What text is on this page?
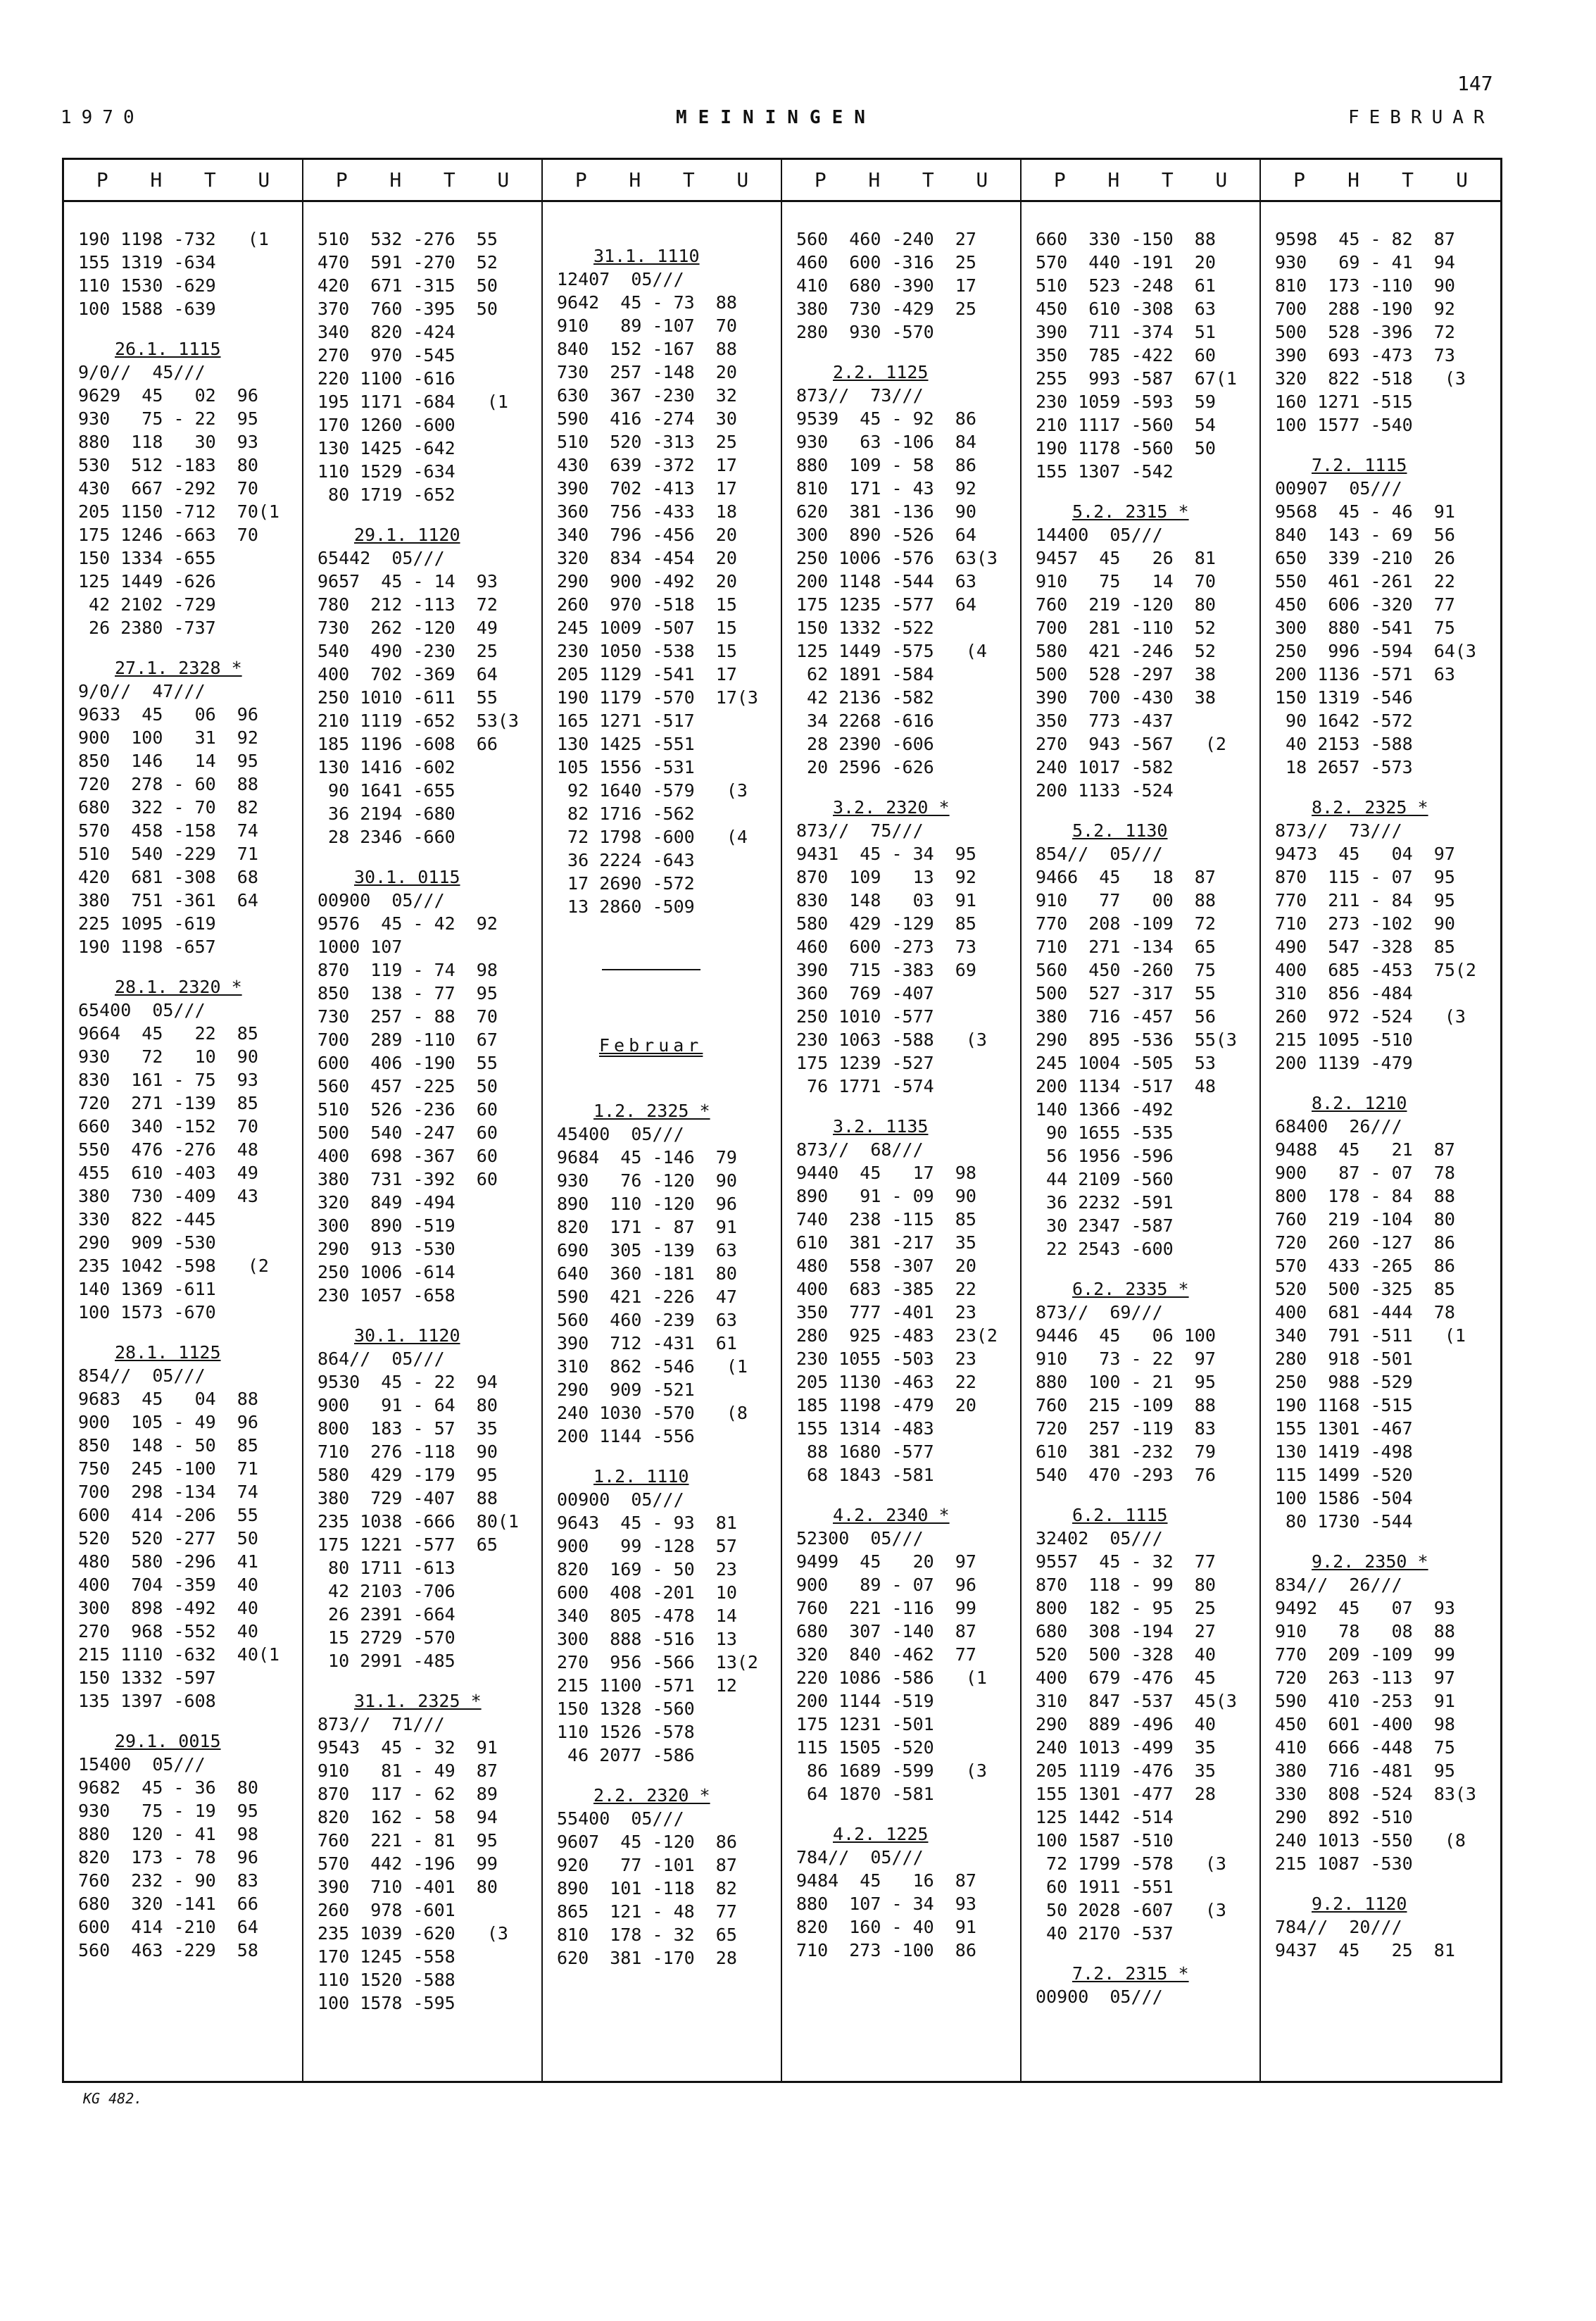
147
1970	MEININGEN	FEBRUAR
P H T U
190 1198 -732   (1
155 1319 -634
110 1530 -629
100 1588 -639
26.1. 1115
9/0//  45///
9629  45   02  96
930   75 - 22  95
880  118   30  93
530  512 -183  80
430  667 -292  70
205 1150 -712  70(1
175 1246 -663  70
150 1334 -655
125 1449 -626
42 2102 -729
26 2380 -737
27.1. 2328 *
9/0//  47///
9633  45   06  96
900  100   31  92
850  146   14  95
720  278 - 60  88
680  322 - 70  82
570  458 -158  74
510  540 -229  71
420  681 -308  68
380  751 -361  64
225 1095 -619
190 1198 -657
28.1. 2320 *
65400  05///
9664  45   22  85
930   72   10  90
830  161 - 75  93
720  271 -139  85
660  340 -152  70
550  476 -276  48
455  610 -403  49
380  730 -409  43
330  822 -445
290  909 -530
235 1042 -598   (2
140 1369 -611
100 1573 -670
28.1. 1125
854//  05///
9683  45   04  88
900  105 - 49  96
850  148 - 50  85
750  245 -100  71
700  298 -134  74
600  414 -206  55
520  520 -277  50
480  580 -296  41
400  704 -359  40
300  898 -492  40
270  968 -552  40
215 1110 -632  40(1
150 1332 -597
135 1397 -608
29.1. 0015
15400  05///
9682  45 - 36  80
930   75 - 19  95
880  120 - 41  98
820  173 - 78  96
760  232 - 90  83
680  320 -141  66
600  414 -210  64
560  463 -229  58
P H T U
510  532 -276  55
470  591 -270  52
420  671 -315  50
370  760 -395  50
340  820 -424
270  970 -545
220 1100 -616
195 1171 -684   (1
170 1260 -600
130 1425 -642
110 1529 -634
80 1719 -652
29.1. 1120
65442  05///
9657  45 - 14  93
780  212 -113  72
730  262 -120  49
540  490 -230  25
400  702 -369  64
250 1010 -611  55
210 1119 -652  53(3
185 1196 -608  66
130 1416 -602
90 1641 -655
36 2194 -680
28 2346 -660
30.1. 0115
00900  05///
9576  45 - 42  92
1000 107
870  119 - 74  98
850  138 - 77  95
730  257 - 88  70
700  289 -110  67
600  406 -190  55
560  457 -225  50
510  526 -236  60
500  540 -247  60
400  698 -367  60
380  731 -392  60
320  849 -494
300  890 -519
290  913 -530
250 1006 -614
230 1057 -658
30.1. 1120
864//  05///
9530  45 - 22  94
900   91 - 64  80
800  183 - 57  35
710  276 -118  90
580  429 -179  95
380  729 -407  88
235 1038 -666  80(1
175 1221 -577  65
80 1711 -613
42 2103 -706
26 2391 -664
15 2729 -570
10 2991 -485
31.1. 2325 *
873//  71///
9543  45 - 32  91
910   81 - 49  87
870  117 - 62  89
820  162 - 58  94
760  221 - 81  95
570  442 -196  99
390  710 -401  80
260  978 -601
235 1039 -620   (3
170 1245 -558
110 1520 -588
100 1578 -595
P H T U
31.1. 1110
12407  05///
9642  45 - 73  88
910   89 -107  70
840  152 -167  88
730  257 -148  20
630  367 -230  32
590  416 -274  30
510  520 -313  25
430  639 -372  17
390  702 -413  17
360  756 -433  18
340  796 -456  20
320  834 -454  20
290  900 -492  20
260  970 -518  15
245 1009 -507  15
230 1050 -538  15
205 1129 -541  17
190 1179 -570  17(3
165 1271 -517
130 1425 -551
105 1556 -531
92 1640 -579   (3
82 1716 -562
72 1798 -600   (4
36 2224 -643
17 2690 -572
13 2860 -509
Februar
1.2. 2325 *
45400  05///
9684  45 -146  79
930   76 -120  90
890  110 -120  96
820  171 - 87  91
690  305 -139  63
640  360 -181  80
590  421 -226  47
560  460 -239  63
390  712 -431  61
310  862 -546   (1
290  909 -521
240 1030 -570   (8
200 1144 -556
1.2. 1110
00900  05///
9643  45 - 93  81
900   99 -128  57
820  169 - 50  23
600  408 -201  10
340  805 -478  14
300  888 -516  13
270  956 -566  13(2
215 1100 -571  12
150 1328 -560
110 1526 -578
46 2077 -586
2.2. 2320 *
55400  05///
9607  45 -120  86
920   77 -101  87
890  101 -118  82
865  121 - 48  77
810  178 - 32  65
620  381 -170  28
P H T U
560  460 -240  27
460  600 -316  25
410  680 -390  17
380  730 -429  25
280  930 -570
2.2. 1125
873//  73///
9539  45 - 92  86
930   63 -106  84
880  109 - 58  86
810  171 - 43  92
620  381 -136  90
300  890 -526  64
250 1006 -576  63(3
200 1148 -544  63
175 1235 -577  64
150 1332 -522
125 1449 -575   (4
62 1891 -584
42 2136 -582
34 2268 -616
28 2390 -606
20 2596 -626
3.2. 2320 *
873//  75///
9431  45 - 34  95
870  109   13  92
830  148   03  91
580  429 -129  85
460  600 -273  73
390  715 -383  69
360  769 -407
250 1010 -577
230 1063 -588   (3
175 1239 -527
76 1771 -574
3.2. 1135
873//  68///
9440  45   17  98
890   91 - 09  90
740  238 -115  85
610  381 -217  35
480  558 -307  20
400  683 -385  22
350  777 -401  23
280  925 -483  23(2
230 1055 -503  23
205 1130 -463  22
185 1198 -479  20
155 1314 -483
88 1680 -577
68 1843 -581
4.2. 2340 *
52300  05///
9499  45   20  97
900   89 - 07  96
760  221 -116  99
680  307 -140  87
320  840 -462  77
220 1086 -586   (1
200 1144 -519
175 1231 -501
115 1505 -520
86 1689 -599   (3
64 1870 -581
4.2. 1225
784//  05///
9484  45   16  87
880  107 - 34  93
820  160 - 40  91
710  273 -100  86
P H T U
660  330 -150  88
570  440 -191  20
510  523 -248  61
450  610 -308  63
390  711 -374  51
350  785 -422  60
255  993 -587  67(1
230 1059 -593  59
210 1117 -560  54
190 1178 -560  50
155 1307 -542
5.2. 2315 *
14400  05///
9457  45   26  81
910   75   14  70
760  219 -120  80
700  281 -110  52
580  421 -246  52
500  528 -297  38
390  700 -430  38
350  773 -437
270  943 -567   (2
240 1017 -582
200 1133 -524
5.2. 1130
854//  05///
9466  45   18  87
910   77   00  88
770  208 -109  72
710  271 -134  65
560  450 -260  75
500  527 -317  55
380  716 -457  56
290  895 -536  55(3
245 1004 -505  53
200 1134 -517  48
140 1366 -492
90 1655 -535
56 1956 -596
44 2109 -560
36 2232 -591
30 2347 -587
22 2543 -600
6.2. 2335 *
873//  69///
9446  45   06 100
910   73 - 22  97
880  100 - 21  95
760  215 -109  88
720  257 -119  83
610  381 -232  79
540  470 -293  76
6.2. 1115
32402  05///
9557  45 - 32  77
870  118 - 99  80
800  182 - 95  25
680  308 -194  27
520  500 -328  40
400  679 -476  45
310  847 -537  45(3
290  889 -496  40
240 1013 -499  35
205 1119 -476  35
155 1301 -477  28
125 1442 -514
100 1587 -510
72 1799 -578   (3
60 1911 -551
50 2028 -607   (3
40 2170 -537
7.2. 2315 *
00900  05///
P H T U
9598  45 - 82  87
930   69 - 41  94
810  173 -110  90
700  288 -190  92
500  528 -396  72
390  693 -473  73
320  822 -518   (3
160 1271 -515
100 1577 -540
7.2. 1115
00907  05///
9568  45 - 46  91
840  143 - 69  56
650  339 -210  26
550  461 -261  22
450  606 -320  77
300  880 -541  75
250  996 -594  64(3
200 1136 -571  63
150 1319 -546
90 1642 -572
40 2153 -588
18 2657 -573
8.2. 2325 *
873//  73///
9473  45   04  97
870  115 - 07  95
770  211 - 84  95
710  273 -102  90
490  547 -328  85
400  685 -453  75(2
310  856 -484
260  972 -524   (3
215 1095 -510
200 1139 -479
8.2. 1210
68400  26///
9488  45   21  87
900   87 - 07  78
800  178 - 84  88
760  219 -104  80
720  260 -127  86
570  433 -265  86
520  500 -325  85
400  681 -444  78
340  791 -511   (1
280  918 -501
250  988 -529
190 1168 -515
155 1301 -467
130 1419 -498
115 1499 -520
100 1586 -504
80 1730 -544
9.2. 2350 *
834//  26///
9492  45   07  93
910   78   08  88
770  209 -109  99
720  263 -113  97
590  410 -253  91
450  601 -400  98
410  666 -448  75
380  716 -481  95
330  808 -524  83(3
290  892 -510
240 1013 -550   (8
215 1087 -530
9.2. 1120
784//  20///
9437  45   25  81
KG 482.
